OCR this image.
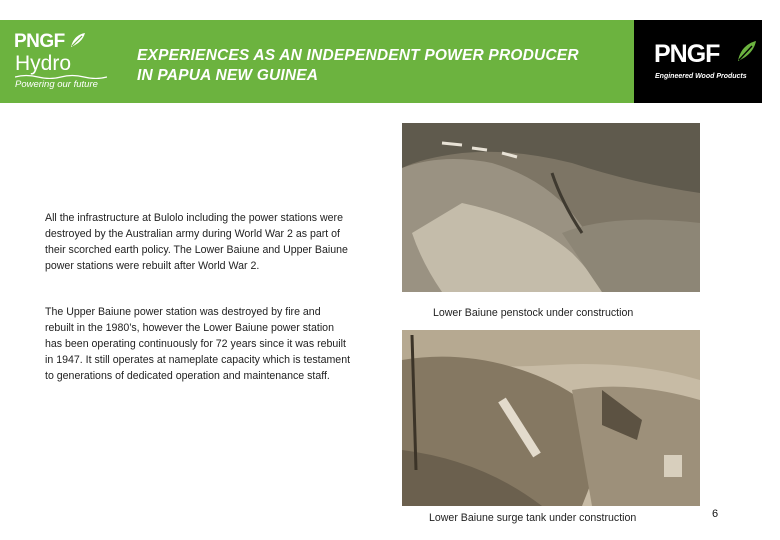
PNGF
Hydro
Powering our future
EXPERIENCES AS AN INDEPENDENT POWER PRODUCER
IN PAPUA NEW GUINEA
PNGF
Engineered Wood Products
All the infrastructure at Bulolo including the power stations were destroyed by the Australian army during World War 2 as part of their scorched earth policy. The Lower Baiune and Upper Baiune power stations were rebuilt after World War 2.
The Upper Baiune power station was destroyed by fire and rebuilt in the 1980’s, however the Lower Baiune power station has been operating continuously for 72 years since it was rebuilt in 1947. It still operates at nameplate capacity which is testament to generations of dedicated operation and maintenance staff.
Lower Baiune penstock under construction
Lower Baiune surge tank under construction	6
